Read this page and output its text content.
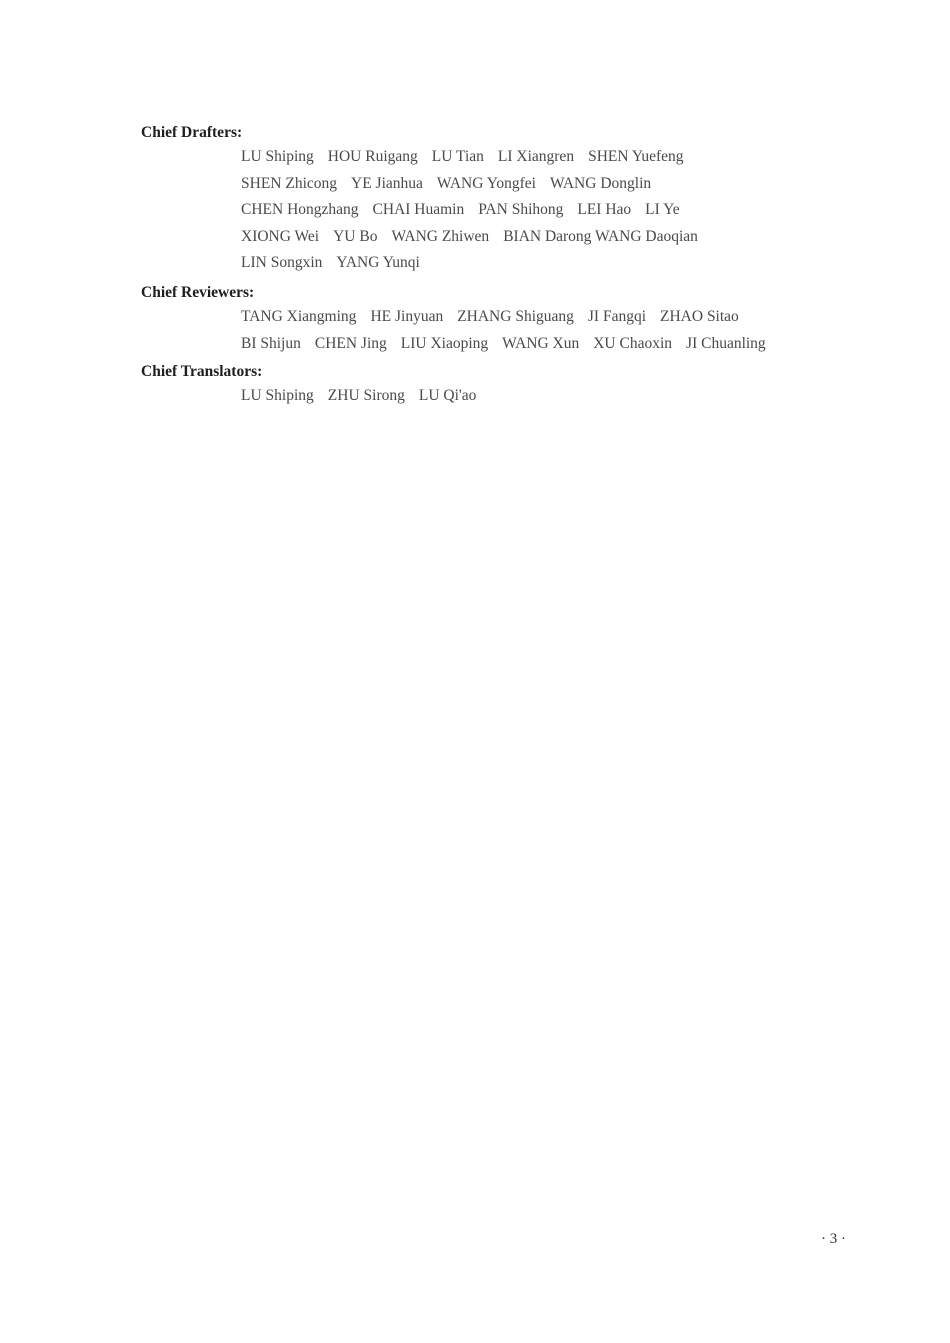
Chief Drafters:
LU Shiping HOU Ruigang LU Tian LI Xiangren SHEN Yuefeng
SHEN Zhicong YE Jianhua WANG Yongfei WANG Donglin
CHEN Hongzhang CHAI Huamin PAN Shihong LEI Hao LI Ye
XIONG Wei YU Bo WANG Zhiwen BIAN Darong WANG Daoqian
LIN Songxin YANG Yunqi
Chief Reviewers:
TANG Xiangming HE Jinyuan ZHANG Shiguang JI Fangqi ZHAO Sitao
BI Shijun CHEN Jing LIU Xiaoping WANG Xun XU Chaoxin JI Chuanling
Chief Translators:
LU Shiping ZHU Sirong LU Qi'ao
· 3 ·
